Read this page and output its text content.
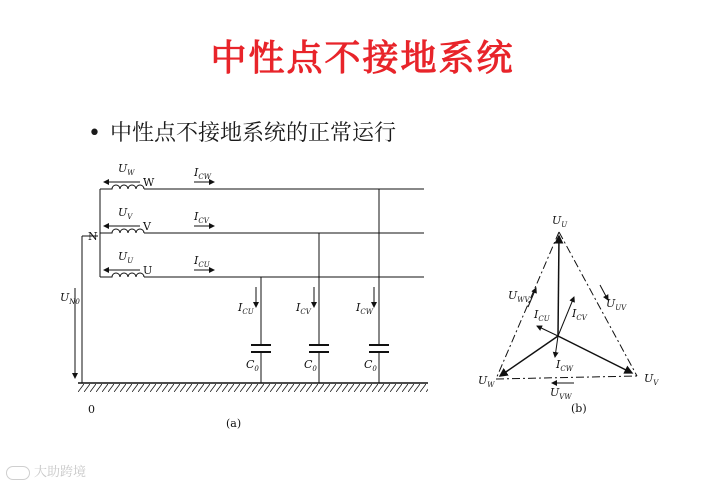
中性点不接地系统
• 中性点不接地系统的正常运行
$U_W$
W
$I_{CW}$
$U_V$
V
$I_{CV}$
$U_U$
U
$I_{CU}$
N
$U_{N0}$
0
$I_{CU}$	$I_{CV}$	$I_{CW}$
$C_0$	$C_0$	$C_0$
(a)
$U_U$
$U_W$	$U_V$
$U_{WV}$	$U_{UV}$
$U_{VW}$
$I_{CU}$ $I_{CV}$
$I_{CW}$
(b)
大助跨境
